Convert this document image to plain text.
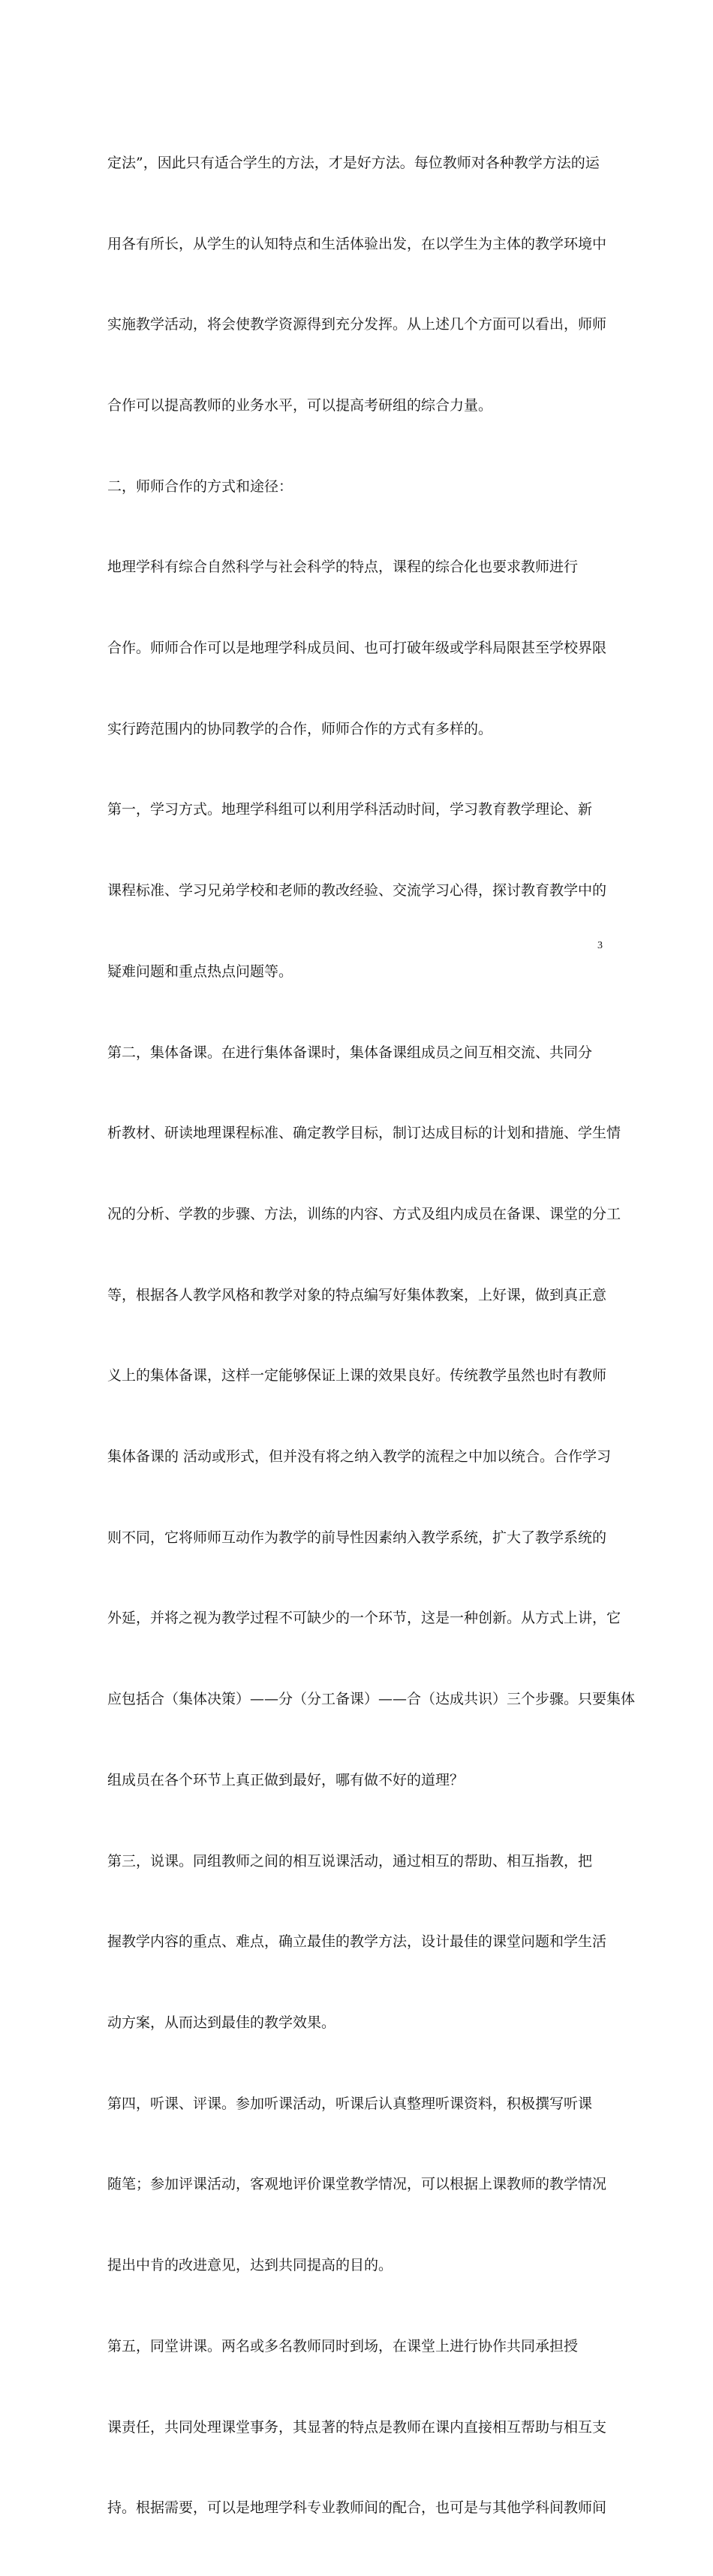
定法”，因此只有适合学生的方法，才是好方法。每位教师对各种教学方法的运

用各有所长，从学生的认知特点和生活体验出发，在以学生为主体的教学环境中

实施教学活动，将会使教学资源得到充分发挥。从上述几个方面可以看出，师师

合作可以提高教师的业务水平，可以提高考研组的综合力量。

二，师师合作的方式和途径：

地理学科有综合自然科学与社会科学的特点，课程的综合化也要求教师进行

合作。师师合作可以是地理学科成员间、也可打破年级或学科局限甚至学校界限

实行跨范围内的协同教学的合作，师师合作的方式有多样的。

第一，学习方式。地理学科组可以利用学科活动时间，学习教育教学理论、新

课程标准、学习兄弟学校和老师的教改经验、交流学习心得，探讨教育教学中的

疑难问题和重点热点问题等。

第二，集体备课。在进行集体备课时，集体备课组成员之间互相交流、共同分

析教材、研读地理课程标准、确定教学目标，制订达成目标的计划和措施、学生情

况的分析、学教的步骤、方法，训练的内容、方式及组内成员在备课、课堂的分工

等，根据各人教学风格和教学对象的特点编写好集体教案，上好课，做到真正意

义上的集体备课，这样一定能够保证上课的效果良好。传统教学虽然也时有教师

集体备课的 活动或形式，但并没有将之纳入教学的流程之中加以统合。合作学习

则不同，它将师师互动作为教学的前导性因素纳入教学系统，扩大了教学系统的

外延，并将之视为教学过程不可缺少的一个环节，这是一种创新。从方式上讲，它

应包括合（集体决策）——分（分工备课）——合（达成共识）三个步骤。只要集体

组成员在各个环节上真正做到最好，哪有做不好的道理？

第三，说课。同组教师之间的相互说课活动，通过相互的帮助、相互指教，把

握教学内容的重点、难点，确立最佳的教学方法，设计最佳的课堂问题和学生活

动方案，从而达到最佳的教学效果。

第四，听课、评课。参加听课活动，听课后认真整理听课资料，积极撰写听课

随笔；参加评课活动，客观地评价课堂教学情况，可以根据上课教师的教学情况

提出中肯的改进意见，达到共同提高的目的。

第五，同堂讲课。两名或多名教师同时到场，在课堂上进行协作共同承担授

课责任，共同处理课堂事务，其显著的特点是教师在课内直接相互帮助与相互支

持。根据需要，可以是地理学科专业教师间的配合，也可是与其他学科间教师间

3
